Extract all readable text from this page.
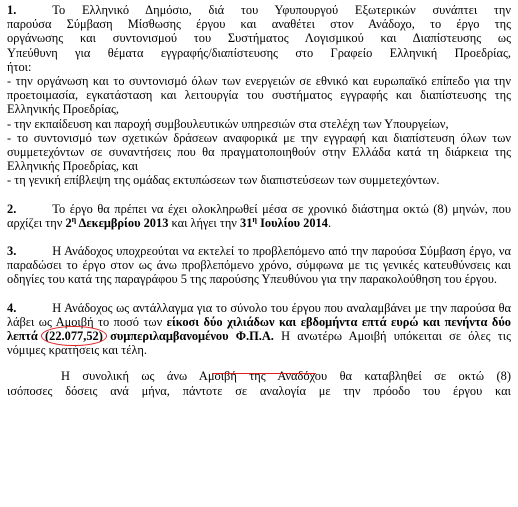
1.	Το Ελληνικό Δημόσιο, διά του Υφυπουργού Εξωτερικών συνάπτει την

παρούσα Σύμβαση Μίσθωσης έργου και αναθέτει στον Ανάδοχο, το έργο της

οργάνωσης και συντονισμού του Συστήματος Λογισμικού και Διαπίστευσης ως

Υπεύθυνη για θέματα εγγραφής/διαπίστευσης στο Γραφείο Ελληνική Προεδρίας,

ήτοι:

- την οργάνωση και το συντονισμό όλων των ενεργειών σε εθνικό και ευρωπαϊκό επίπεδο για την προετοιμασία, εγκατάσταση και λειτουργία του συστήματος εγγραφής και διαπίστευσης της Ελληνικής Προεδρίας,

- την εκπαίδευση και παροχή συμβουλευτικών υπηρεσιών στα στελέχη των Υπουργείων,

- το συντονισμό των σχετικών δράσεων αναφορικά με την εγγραφή και διαπίστευση όλων των συμμετεχόντων σε συναντήσεις που θα πραγματοποιηθούν στην Ελλάδα κατά τη διάρκεια της Ελληνικής Προεδρίας, και

- τη γενική επίβλεψη της ομάδας εκτυπώσεων των διαπιστεύσεων των συμμετεχόντων.

2.	Το έργο θα πρέπει να έχει ολοκληρωθεί μέσα σε χρονικό διάστημα οκτώ (8) μηνών, που αρχίζει την $2^\eta$ Δεκεμβρίου 2013 και λήγει την $31^\eta$ Ιουλίου 2014.

3.	Η Ανάδοχος υποχρεούται να εκτελεί το προβλεπόμενο από την παρούσα Σύμβαση έργο, να παραδώσει το έργο στον ως άνω προβλεπόμενο χρόνο, σύμφωνα με τις γενικές κατευθύνσεις και οδηγίες του κατά της παραγράφου 5 της παρούσης Υπευθύνου για την παρακολούθηση του έργου.

4.	Η Ανάδοχος ως αντάλλαγμα για το σύνολο του έργου που αναλαμβάνει με την παρούσα θα λάβει ως Αμοιβή το ποσό των είκοσι δύο χιλιάδων και εβδομήντα επτά ευρώ και πενήντα δύο λεπτά (22.077,52) συμπεριλαμβανομένου Φ.Π.Α. Η ανωτέρω Αμοιβή υπόκειται σε όλες τις νόμιμες κρατήσεις και τέλη.

Η συνολική ως άνω Αμοιβή της Αναδόχου θα καταβληθεί σε οκτώ (8)

ισόποσες δόσεις ανά μήνα, πάντοτε σε αναλογία με την πρόοδο του έργου και
